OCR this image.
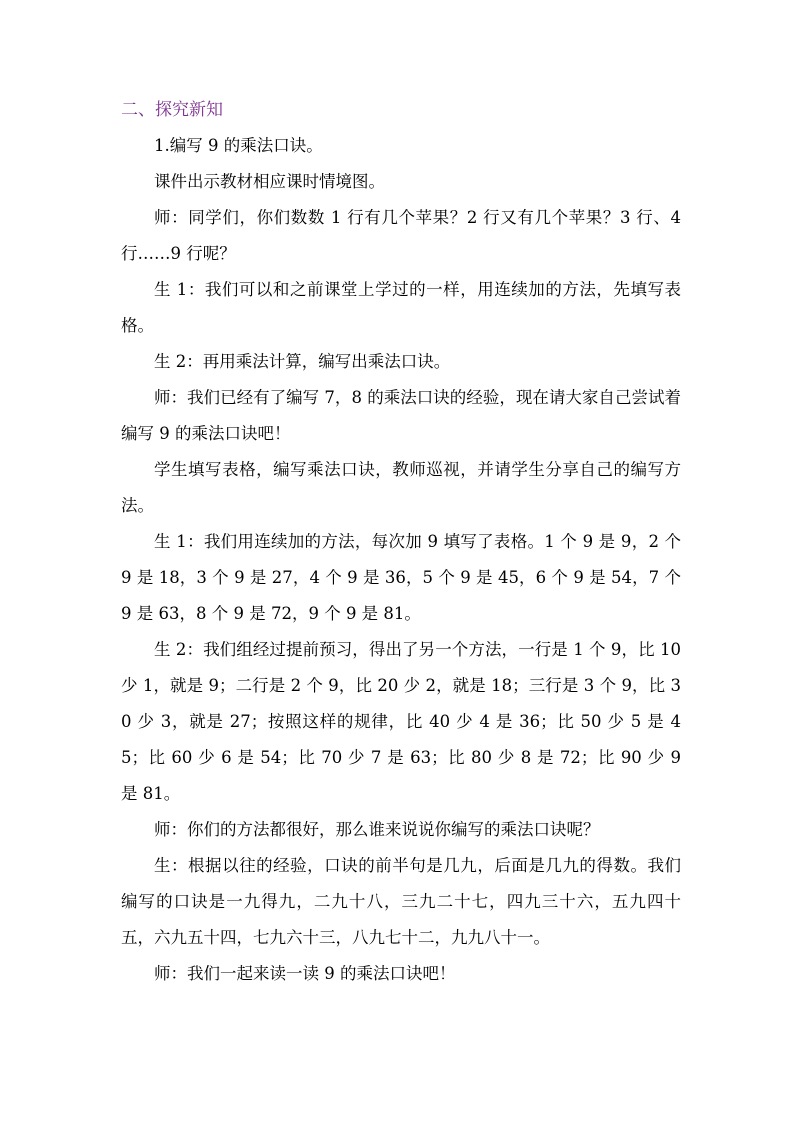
二、探究新知

1.编写 9 的乘法口诀。

课件出示教材相应课时情境图。

师：同学们，你们数数 1 行有几个苹果？2 行又有几个苹果？3 行、4 行……9 行呢？

生 1：我们可以和之前课堂上学过的一样，用连续加的方法，先填写表格。

生 2：再用乘法计算，编写出乘法口诀。

师：我们已经有了编写 7，8 的乘法口诀的经验，现在请大家自己尝试着编写 9 的乘法口诀吧！

学生填写表格，编写乘法口诀，教师巡视，并请学生分享自己的编写方法。

生 1：我们用连续加的方法，每次加 9 填写了表格。1 个 9 是 9，2 个 9 是 18，3 个 9 是 27，4 个 9 是 36，5 个 9 是 45，6 个 9 是 54，7 个 9 是 63，8 个 9 是 72，9 个 9 是 81。

生 2：我们组经过提前预习，得出了另一个方法，一行是 1 个 9，比 10 少 1，就是 9；二行是 2 个 9，比 20 少 2，就是 18；三行是 3 个 9，比 30 少 3，就是 27；按照这样的规律，比 40 少 4 是 36；比 50 少 5 是 45；比 60 少 6 是 54；比 70 少 7 是 63；比 80 少 8 是 72；比 90 少 9 是 81。

师：你们的方法都很好，那么谁来说说你编写的乘法口诀呢？

生：根据以往的经验，口诀的前半句是几九，后面是几九的得数。我们编写的口诀是一九得九，二九十八，三九二十七，四九三十六，五九四十五，六九五十四，七九六十三，八九七十二，九九八十一。

师：我们一起来读一读 9 的乘法口诀吧！
